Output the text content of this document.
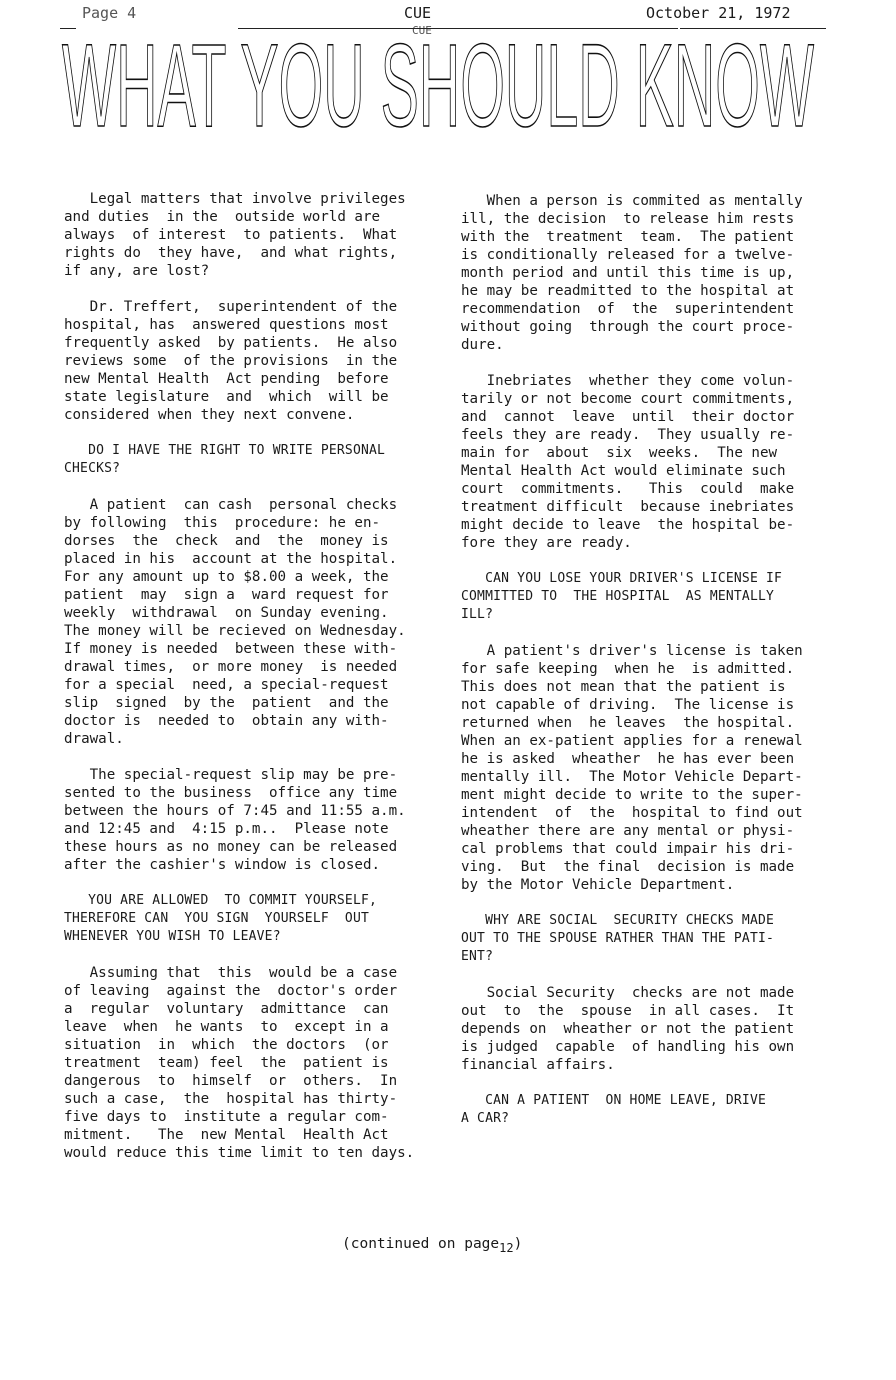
Page 4	CUE
CUE
October 21, 1972
WHAT YOU SHOULD KNOW
Legal matters that involve privileges
and duties  in the  outside world are
always  of interest  to patients.  What
rights do  they have,  and what rights,
if any, are lost?
Dr. Treffert,  superintendent of the
hospital, has  answered questions most
frequently asked  by patients.  He also
reviews some  of the provisions  in the
new Mental Health  Act pending  before
state legislature  and  which  will be
considered when they next convene.
DO I HAVE THE RIGHT TO WRITE PERSONAL
CHECKS?
A patient  can cash  personal checks
by following  this  procedure: he en-
dorses  the  check  and  the  money is
placed in his  account at the hospital.
For any amount up to $8.00 a week, the
patient  may  sign a  ward request for
weekly  withdrawal  on Sunday evening.
The money will be recieved on Wednesday.
If money is needed  between these with-
drawal times,  or more money  is needed
for a special  need, a special-request
slip  signed  by the  patient  and the
doctor is  needed to  obtain any with-
drawal.
The special-request slip may be pre-
sented to the business  office any time
between the hours of 7:45 and 11:55 a.m.
and 12:45 and  4:15 p.m..  Please note
these hours as no money can be released
after the cashier's window is closed.
YOU ARE ALLOWED  TO COMMIT YOURSELF,
THEREFORE CAN  YOU SIGN  YOURSELF  OUT
WHENEVER YOU WISH TO LEAVE?
Assuming that  this  would be a case
of leaving  against the  doctor's order
a  regular  voluntary  admittance  can
leave  when  he wants  to  except in a
situation  in  which  the doctors  (or
treatment  team) feel  the  patient is
dangerous  to  himself  or  others.  In
such a case,  the  hospital has thirty-
five days to  institute a regular com-
mitment.   The  new Mental  Health Act
would reduce this time limit to ten days.
When a person is commited as mentally
ill, the decision  to release him rests
with the  treatment  team.  The patient
is conditionally released for a twelve-
month period and until this time is up,
he may be readmitted to the hospital at
recommendation  of  the  superintendent
without going  through the court proce-
dure.
Inebriates  whether they come volun-
tarily or not become court commitments,
and  cannot  leave  until  their doctor
feels they are ready.  They usually re-
main for  about  six  weeks.  The new
Mental Health Act would eliminate such
court  commitments.   This  could  make
treatment difficult  because inebriates
might decide to leave  the hospital be-
fore they are ready.
CAN YOU LOSE YOUR DRIVER'S LICENSE IF
COMMITTED TO  THE HOSPITAL  AS MENTALLY
ILL?
A patient's driver's license is taken
for safe keeping  when he  is admitted.
This does not mean that the patient is
not capable of driving.  The license is
returned when  he leaves  the hospital.
When an ex-patient applies for a renewal
he is asked  wheather  he has ever been
mentally ill.  The Motor Vehicle Depart-
ment might decide to write to the super-
intendent  of  the  hospital to find out
wheather there are any mental or physi-
cal problems that could impair his dri-
ving.  But  the final  decision is made
by the Motor Vehicle Department.
WHY ARE SOCIAL  SECURITY CHECKS MADE
OUT TO THE SPOUSE RATHER THAN THE PATI-
ENT?
Social Security  checks are not made
out  to  the  spouse  in all cases.  It
depends on  wheather or not the patient
is judged  capable  of handling his own
financial affairs.
CAN A PATIENT  ON HOME LEAVE, DRIVE
A CAR?
(continued on page$_{12}$)
